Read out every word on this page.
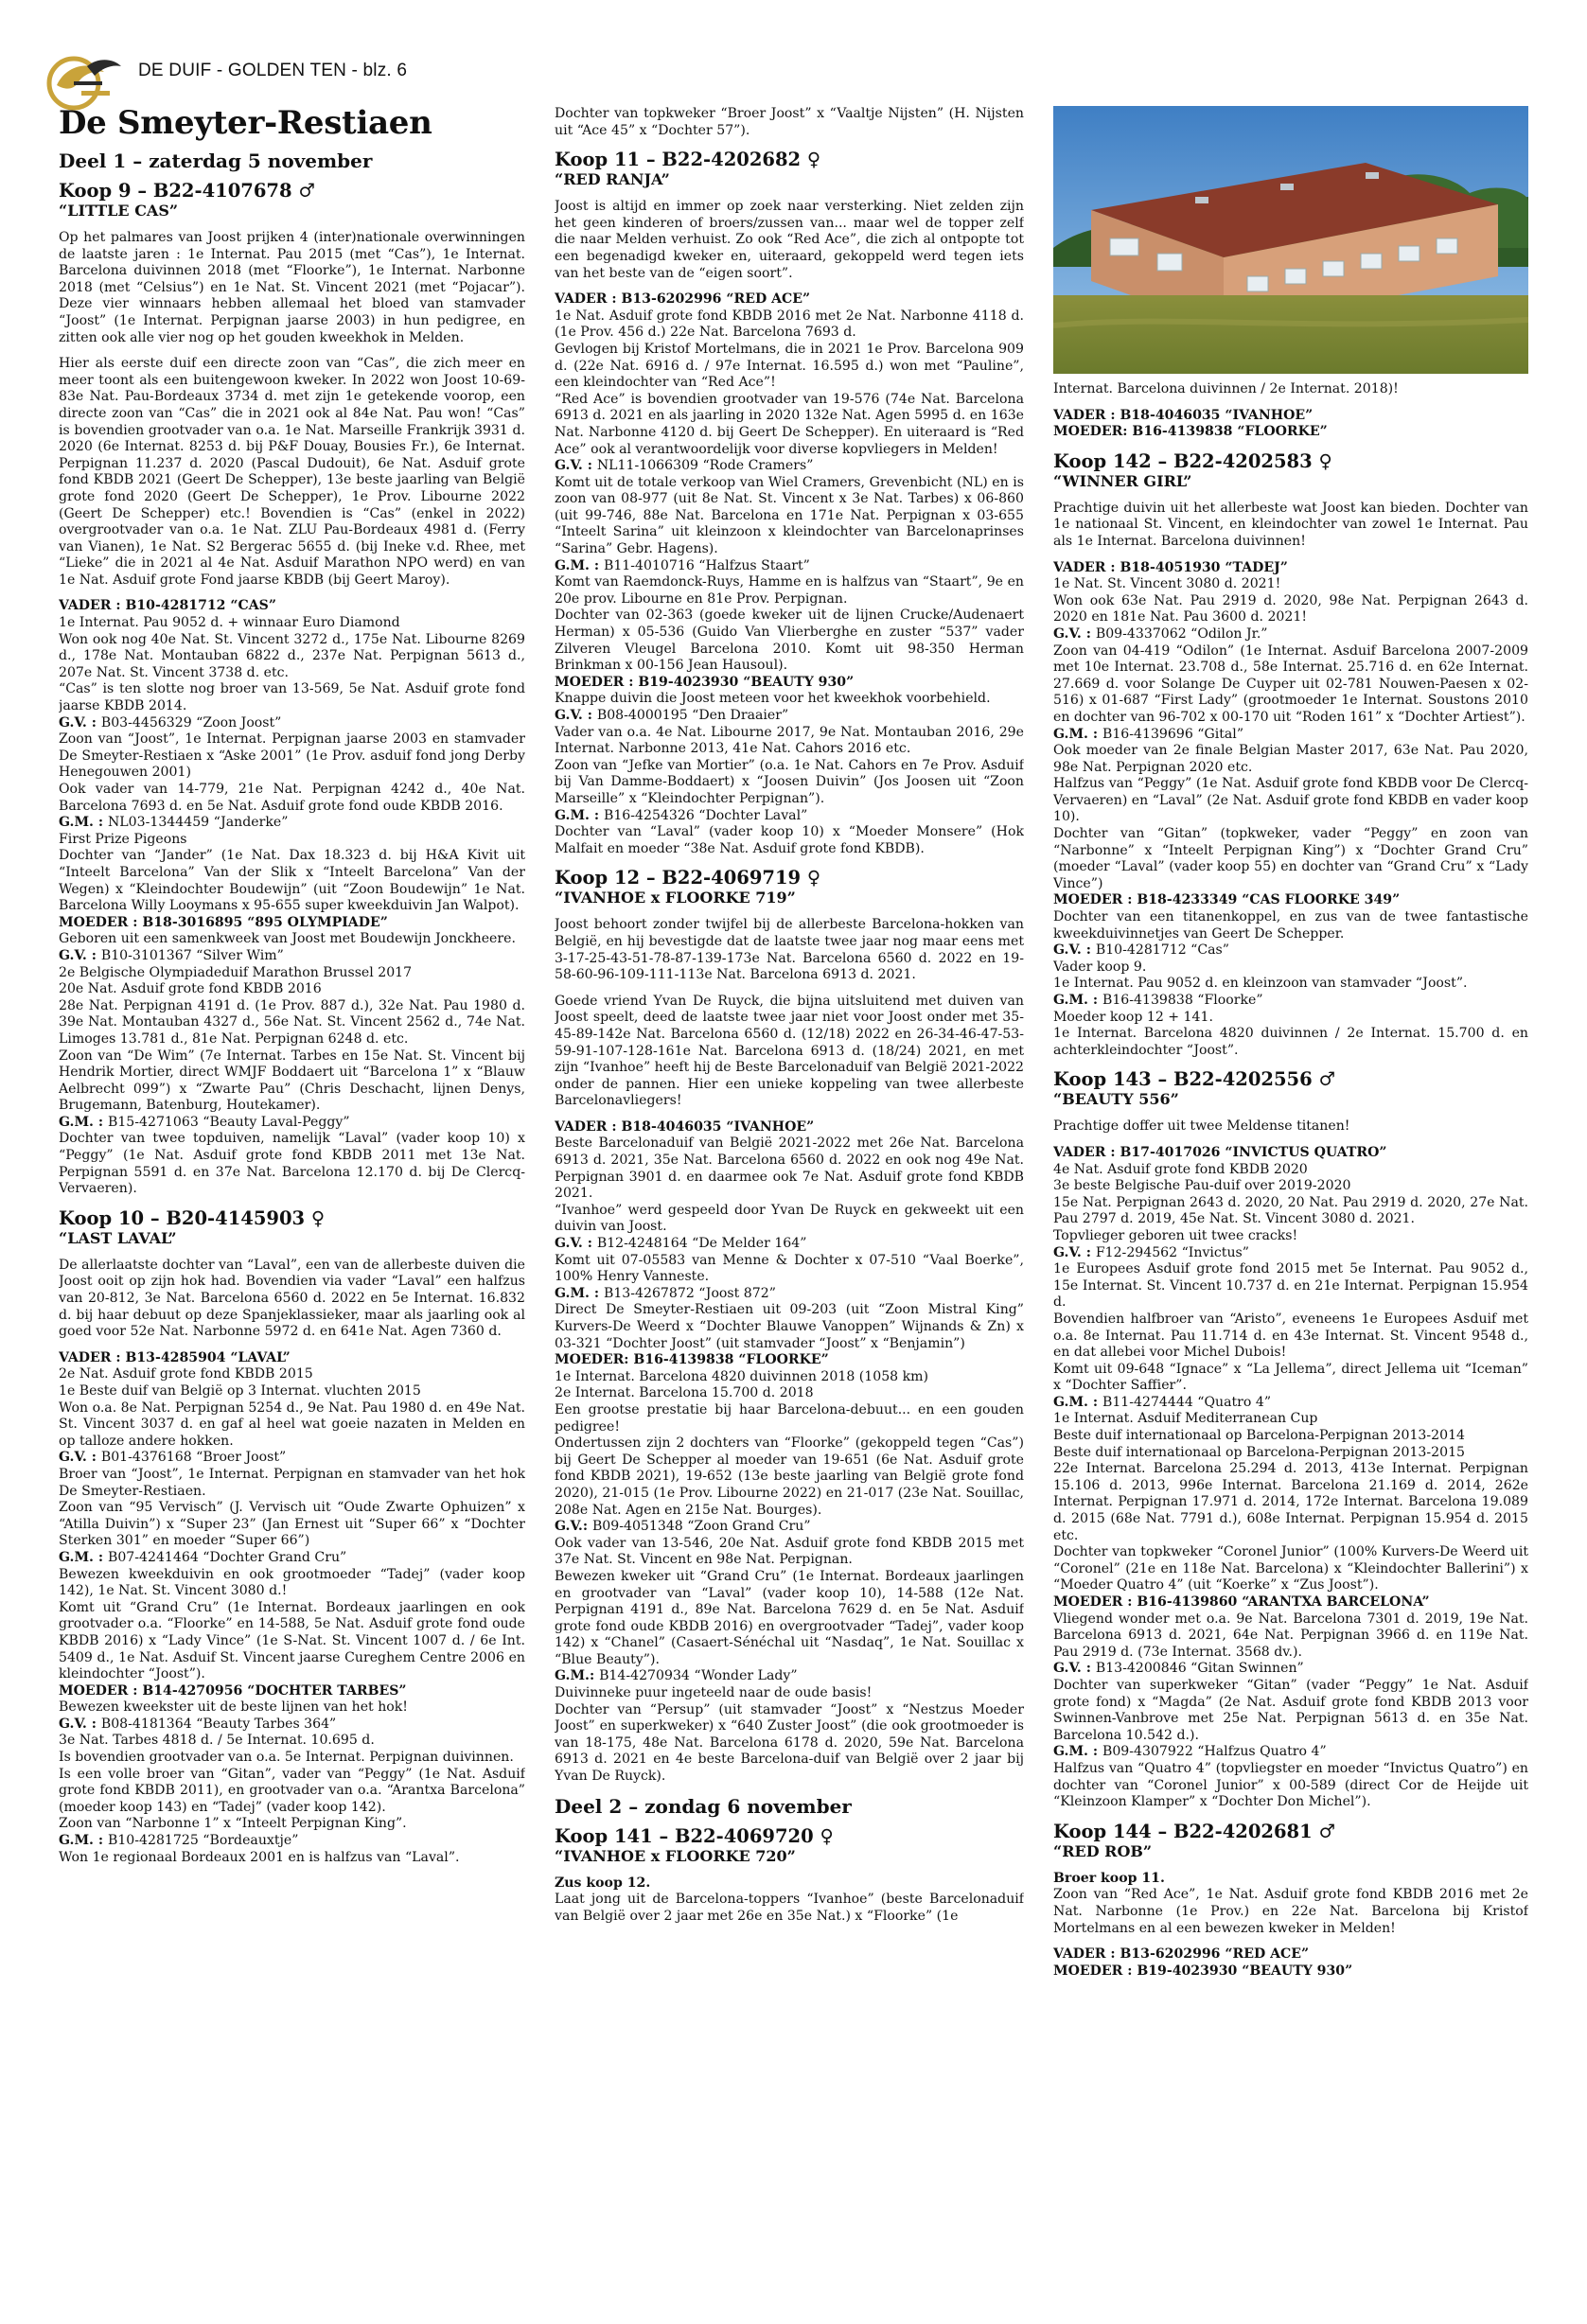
DE DUIF - GOLDEN TEN - blz. 6
De Smeyter-Restiaen
Deel 1 – zaterdag 5 november
Koop 9 – B22-4107678 ♂
“LITTLE CAS”

Op het palmares van Joost prijken 4 (inter)nationale overwinningen de laatste jaren : 1e Internat. Pau 2015 (met “Cas”), 1e Internat. Barcelona duivinnen 2018 (met “Floorke”), 1e Internat. Narbonne 2018 (met “Celsius”) en 1e Nat. St. Vincent 2021 (met “Pojacar”). Deze vier winnaars hebben allemaal het bloed van stamvader “Joost” (1e Internat. Perpignan jaarse 2003) in hun pedigree, en zitten ook alle vier nog op het gouden kweekhok in Melden.

Hier als eerste duif een directe zoon van “Cas”, die zich meer en meer toont als een buitengewoon kweker. In 2022 won Joost 10-69-83e Nat. Pau-Bordeaux 3734 d. met zijn 1e getekende voorop, een directe zoon van “Cas” die in 2021 ook al 84e Nat. Pau won! “Cas” is bovendien grootvader van o.a. 1e Nat. Marseille Frankrijk 3931 d. 2020 (6e Internat. 8253 d. bij P&F Douay, Bousies Fr.), 6e Internat. Perpignan 11.237 d. 2020 (Pascal Dudouit), 6e Nat. Asduif grote fond KBDB 2021 (Geert De Schepper), 13e beste jaarling van België grote fond 2020 (Geert De Schepper), 1e Prov. Libourne 2022 (Geert De Schepper) etc.! Bovendien is “Cas” (enkel in 2022) overgrootvader van o.a. 1e Nat. ZLU Pau-Bordeaux 4981 d. (Ferry van Vianen), 1e Nat. S2 Bergerac 5655 d. (bij Ineke v.d. Rhee, met “Lieke” die in 2021 al 4e Nat. Asduif Marathon NPO werd) en van 1e Nat. Asduif grote Fond jaarse KBDB (bij Geert Maroy).

VADER : B10-4281712 “CAS”
1e Internat. Pau 9052 d. + winnaar Euro Diamond
Won ook nog 40e Nat. St. Vincent 3272 d., 175e Nat. Libourne 8269 d., 178e Nat. Montauban 6822 d., 237e Nat. Perpignan 5613 d., 207e Nat. St. Vincent 3738 d. etc.
“Cas” is ten slotte nog broer van 13-569, 5e Nat. Asduif grote fond jaarse KBDB 2014.
G.V. : B03-4456329 “Zoon Joost”
Zoon van “Joost”, 1e Internat. Perpignan jaarse 2003 en stamvader De Smeyter-Restiaen x “Aske 2001” (1e Prov. asduif fond jong Derby Henegouwen 2001)
Ook vader van 14-779, 21e Nat. Perpignan 4242 d., 40e Nat. Barcelona 7693 d. en 5e Nat. Asduif grote fond oude KBDB 2016.
G.M. : NL03-1344459 “Janderke”
First Prize Pigeons
Dochter van “Jander” (1e Nat. Dax 18.323 d. bij H&A Kivit uit “Inteelt Barcelona” Van der Slik x “Inteelt Barcelona” Van der Wegen) x “Kleindochter Boudewijn” (uit “Zoon Boudewijn” 1e Nat. Barcelona Willy Looymans x 95-655 super kweekduivin Jan Walpot).
MOEDER : B18-3016895 “895 OLYMPIADE”
Geboren uit een samenkweek van Joost met Boudewijn Jonckheere.
G.V. : B10-3101367 “Silver Wim”
2e Belgische Olympiadeduif Marathon Brussel 2017
20e Nat. Asduif grote fond KBDB 2016
28e Nat. Perpignan 4191 d. (1e Prov. 887 d.), 32e Nat. Pau 1980 d. 39e Nat. Montauban 4327 d., 56e Nat. St. Vincent 2562 d., 74e Nat. Limoges 13.781 d., 81e Nat. Perpignan 6248 d. etc.
Zoon van “De Wim” (7e Internat. Tarbes en 15e Nat. St. Vincent bij Hendrik Mortier, direct WMJF Boddaert uit “Barcelona 1” x “Blauw Aelbrecht 099”) x “Zwarte Pau” (Chris Deschacht, lijnen Denys, Brugemann, Batenburg, Houtekamer).
G.M. : B15-4271063 “Beauty Laval-Peggy”
Dochter van twee topduiven, namelijk “Laval” (vader koop 10) x “Peggy” (1e Nat. Asduif grote fond KBDB 2011 met 13e Nat. Perpignan 5591 d. en 37e Nat. Barcelona 12.170 d. bij De Clercq-Vervaeren).
Koop 10 – B20-4145903 ♀
“LAST LAVAL”

De allerlaatste dochter van “Laval”, een van de allerbeste duiven die Joost ooit op zijn hok had. Bovendien via vader “Laval” een halfzus van 20-812, 3e Nat. Barcelona 6560 d. 2022 en 5e Internat. 16.832 d. bij haar debuut op deze Spanjeklassieker, maar als jaarling ook al goed voor 52e Nat. Narbonne 5972 d. en 641e Nat. Agen 7360 d.

VADER : B13-4285904 “LAVAL”
2e Nat. Asduif grote fond KBDB 2015
1e Beste duif van België op 3 Internat. vluchten 2015
Won o.a. 8e Nat. Perpignan 5254 d., 9e Nat. Pau 1980 d. en 49e Nat. St. Vincent 3037 d. en gaf al heel wat goeie nazaten in Melden en op talloze andere hokken.
G.V. : B01-4376168 “Broer Joost”
Broer van “Joost”, 1e Internat. Perpignan en stamvader van het hok De Smeyter-Restiaen.
Zoon van “95 Vervisch” (J. Vervisch uit “Oude Zwarte Ophuizen” x “Atilla Duivin”) x “Super 23” (Jan Ernest uit “Super 66” x “Dochter Sterken 301” en moeder “Super 66”)
G.M. : B07-4241464 “Dochter Grand Cru”
Bewezen kweekduivin en ook grootmoeder “Tadej” (vader koop 142), 1e Nat. St. Vincent 3080 d.!
Komt uit “Grand Cru” (1e Internat. Bordeaux jaarlingen en ook grootvader o.a. “Floorke” en 14-588, 5e Nat. Asduif grote fond oude KBDB 2016) x “Lady Vince” (1e S-Nat. St. Vincent 1007 d. / 6e Int. 5409 d., 1e Nat. Asduif St. Vincent jaarse Cureghem Centre 2006 en kleindochter “Joost”).
MOEDER : B14-4270956 “DOCHTER TARBES”
Bewezen kweekster uit de beste lijnen van het hok!
G.V. : B08-4181364 “Beauty Tarbes 364”
3e Nat. Tarbes 4818 d. / 5e Internat. 10.695 d.
Is bovendien grootvader van o.a. 5e Internat. Perpignan duivinnen.
Is een volle broer van “Gitan”, vader van “Peggy” (1e Nat. Asduif grote fond KBDB 2011), en grootvader van o.a. “Arantxa Barcelona” (moeder koop 143) en “Tadej” (vader koop 142).
Zoon van “Narbonne 1” x “Inteelt Perpignan King”.
G.M. : B10-4281725 “Bordeauxtje”
Won 1e regionaal Bordeaux 2001 en is halfzus van “Laval”.

Dochter van topkweker “Broer Joost” x “Vaaltje Nijsten” (H. Nijsten uit “Ace 45” x “Dochter 57”).

Koop 11 – B22-4202682 ♀
“RED RANJA”

Joost is altijd en immer op zoek naar versterking. Niet zelden zijn het geen kinderen of broers/zussen van... maar wel de topper zelf die naar Melden verhuist. Zo ook “Red Ace”, die zich al ontpopte tot een begenadigd kweker en, uiteraard, gekoppeld werd tegen iets van het beste van de “eigen soort”.

VADER : B13-6202996 “RED ACE”
1e Nat. Asduif grote fond KBDB 2016 met 2e Nat. Narbonne 4118 d. (1e Prov. 456 d.) 22e Nat. Barcelona 7693 d.
Gevlogen bij Kristof Mortelmans, die in 2021 1e Prov. Barcelona 909 d. (22e Nat. 6916 d. / 97e Internat. 16.595 d.) won met “Pauline”, een kleindochter van “Red Ace”!
“Red Ace” is bovendien grootvader van 19-576 (74e Nat. Barcelona 6913 d. 2021 en als jaarling in 2020 132e Nat. Agen 5995 d. en 163e Nat. Narbonne 4120 d. bij Geert De Schepper). En uiteraard is “Red Ace” ook al verantwoordelijk voor diverse kopvliegers in Melden!
G.V. : NL11-1066309 “Rode Cramers”
Komt uit de totale verkoop van Wiel Cramers, Grevenbicht (NL) en is zoon van 08-977 (uit 8e Nat. St. Vincent x 3e Nat. Tarbes) x 06-860 (uit 99-746, 88e Nat. Barcelona en 171e Nat. Perpignan x 03-655 “Inteelt Sarina” uit kleinzoon x kleindochter van Barcelonaprinses “Sarina” Gebr. Hagens).
G.M. : B11-4010716 “Halfzus Staart”
Komt van Raemdonck-Ruys, Hamme en is halfzus van “Staart”, 9e en 20e prov. Libourne en 81e Prov. Perpignan.
Dochter van 02-363 (goede kweker uit de lijnen Crucke/Audenaert Herman) x 05-536 (Guido Van Vlierberghe en zuster “537” vader Zilveren Vleugel Barcelona 2010. Komt uit 98-350 Herman Brinkman x 00-156 Jean Hausoul).
MOEDER : B19-4023930 “BEAUTY 930”
Knappe duivin die Joost meteen voor het kweekhok voorbehield.
G.V. : B08-4000195 “Den Draaier”
Vader van o.a. 4e Nat. Libourne 2017, 9e Nat. Montauban 2016, 29e Internat. Narbonne 2013, 41e Nat. Cahors 2016 etc.
Zoon van “Jefke van Mortier” (o.a. 1e Nat. Cahors en 7e Prov. Asduif bij Van Damme-Boddaert) x “Joosen Duivin” (Jos Joosen uit “Zoon Marseille” x “Kleindochter Perpignan”).
G.M. : B16-4254326 “Dochter Laval”
Dochter van “Laval” (vader koop 10) x “Moeder Monsere” (Hok Malfait en moeder “38e Nat. Asduif grote fond KBDB).
Koop 12 – B22-4069719 ♀
“IVANHOE x FLOORKE 719”

Joost behoort zonder twijfel bij de allerbeste Barcelona-hokken van België, en hij bevestigde dat de laatste twee jaar nog maar eens met 3-17-25-43-51-78-87-139-173e Nat. Barcelona 6560 d. 2022 en 19-58-60-96-109-111-113e Nat. Barcelona 6913 d. 2021.

Goede vriend Yvan De Ruyck, die bijna uitsluitend met duiven van Joost speelt, deed de laatste twee jaar niet voor Joost onder met 35-45-89-142e Nat. Barcelona 6560 d. (12/18) 2022 en 26-34-46-47-53-59-91-107-128-161e Nat. Barcelona 6913 d. (18/24) 2021, en met zijn “Ivanhoe” heeft hij de Beste Barcelonaduif van België 2021-2022 onder de pannen. Hier een unieke koppeling van twee allerbeste Barcelonavliegers!

VADER : B18-4046035 “IVANHOE”
Beste Barcelonaduif van België 2021-2022 met 26e Nat. Barcelona 6913 d. 2021, 35e Nat. Barcelona 6560 d. 2022 en ook nog 49e Nat. Perpignan 3901 d. en daarmee ook 7e Nat. Asduif grote fond KBDB 2021.
“Ivanhoe” werd gespeeld door Yvan De Ruyck en gekweekt uit een duivin van Joost.
G.V. : B12-4248164 “De Melder 164”
Komt uit 07-05583 van Menne & Dochter x 07-510 “Vaal Boerke”, 100% Henry Vanneste.
G.M. : B13-4267872 “Joost 872”
Direct De Smeyter-Restiaen uit 09-203 (uit “Zoon Mistral King” Kurvers-De Weerd x “Dochter Blauwe Vanoppen” Wijnands & Zn) x 03-321 “Dochter Joost” (uit stamvader “Joost” x “Benjamin”)
MOEDER: B16-4139838 “FLOORKE”
1e Internat. Barcelona 4820 duivinnen 2018 (1058 km)
2e Internat. Barcelona 15.700 d. 2018
Een grootse prestatie bij haar Barcelona-debuut... en een gouden pedigree!
Ondertussen zijn 2 dochters van “Floorke” (gekoppeld tegen “Cas”) bij Geert De Schepper al moeder van 19-651 (6e Nat. Asduif grote fond KBDB 2021), 19-652 (13e beste jaarling van België grote fond 2020), 21-015 (1e Prov. Libourne 2022) en 21-017 (23e Nat. Souillac, 208e Nat. Agen en 215e Nat. Bourges).
G.V.: B09-4051348 “Zoon Grand Cru”
Ook vader van 13-546, 20e Nat. Asduif grote fond KBDB 2015 met 37e Nat. St. Vincent en 98e Nat. Perpignan.
Bewezen kweker uit “Grand Cru” (1e Internat. Bordeaux jaarlingen en grootvader van “Laval” (vader koop 10), 14-588 (12e Nat. Perpignan 4191 d., 89e Nat. Barcelona 7629 d. en 5e Nat. Asduif grote fond oude KBDB 2016) en overgrootvader “Tadej”, vader koop 142) x “Chanel” (Casaert-Sénéchal uit “Nasdaq”, 1e Nat. Souillac x “Blue Beauty”).
G.M.: B14-4270934 “Wonder Lady”
Duivinneke puur ingeteeld naar de oude basis!
Dochter van “Persup” (uit stamvader “Joost” x “Nestzus Moeder Joost” en superkweker) x “640 Zuster Joost” (die ook grootmoeder is van 18-175, 48e Nat. Barcelona 6178 d. 2020, 59e Nat. Barcelona 6913 d. 2021 en 4e beste Barcelona-duif van België over 2 jaar bij Yvan De Ruyck).
Deel 2 – zondag 6 november
Koop 141 – B22-4069720 ♀
“IVANHOE x FLOORKE 720”
Zus koop 12.
Laat jong uit de Barcelona-toppers “Ivanhoe” (beste Barcelonaduif van België over 2 jaar met 26e en 35e Nat.) x “Floorke” (1e

Internat. Barcelona duivinnen / 2e Internat. 2018)!

VADER : B18-4046035 “IVANHOE”
MOEDER: B16-4139838 “FLOORKE”
Koop 142 – B22-4202583 ♀
“WINNER GIRL”

Prachtige duivin uit het allerbeste wat Joost kan bieden. Dochter van 1e nationaal St. Vincent, en kleindochter van zowel 1e Internat. Pau als 1e Internat. Barcelona duivinnen!

VADER : B18-4051930 “TADEJ”
1e Nat. St. Vincent 3080 d. 2021!
Won ook 63e Nat. Pau 2919 d. 2020, 98e Nat. Perpignan 2643 d. 2020 en 181e Nat. Pau 3600 d. 2021!
G.V. : B09-4337062 “Odilon Jr.”
Zoon van 04-419 “Odilon” (1e Internat. Asduif Barcelona 2007-2009 met 10e Internat. 23.708 d., 58e Internat. 25.716 d. en 62e Internat. 27.669 d. voor Solange De Cuyper uit 02-781 Nouwen-Paesen x 02-516) x 01-687 “First Lady” (grootmoeder 1e Internat. Soustons 2010 en dochter van 96-702 x 00-170 uit “Roden 161” x “Dochter Artiest”).
G.M. : B16-4139696 “Gital”
Ook moeder van 2e finale Belgian Master 2017, 63e Nat. Pau 2020, 98e Nat. Perpignan 2020 etc.
Halfzus van “Peggy” (1e Nat. Asduif grote fond KBDB voor De Clercq-Vervaeren) en “Laval” (2e Nat. Asduif grote fond KBDB en vader koop 10).
Dochter van “Gitan” (topkweker, vader “Peggy” en zoon van “Narbonne” x “Inteelt Perpignan King”) x “Dochter Grand Cru” (moeder “Laval” (vader koop 55) en dochter van “Grand Cru” x “Lady Vince”)
MOEDER : B18-4233349 “CAS FLOORKE 349”
Dochter van een titanenkoppel, en zus van de twee fantastische kweekduivinnetjes van Geert De Schepper.
G.V. : B10-4281712 “Cas”
Vader koop 9.
1e Internat. Pau 9052 d. en kleinzoon van stamvader “Joost”.
G.M. : B16-4139838 “Floorke”
Moeder koop 12 + 141.
1e Internat. Barcelona 4820 duivinnen / 2e Internat. 15.700 d. en achterkleindochter “Joost”.
Koop 143 – B22-4202556 ♂
“BEAUTY 556”

Prachtige doffer uit twee Meldense titanen!

VADER : B17-4017026 “INVICTUS QUATRO”
4e Nat. Asduif grote fond KBDB 2020
3e beste Belgische Pau-duif over 2019-2020
15e Nat. Perpignan 2643 d. 2020, 20 Nat. Pau 2919 d. 2020, 27e Nat. Pau 2797 d. 2019, 45e Nat. St. Vincent 3080 d. 2021.
Topvlieger geboren uit twee cracks!
G.V. : F12-294562 “Invictus”
1e Europees Asduif grote fond 2015 met 5e Internat. Pau 9052 d., 15e Internat. St. Vincent 10.737 d. en 21e Internat. Perpignan 15.954 d.
Bovendien halfbroer van “Aristo”, eveneens 1e Europees Asduif met o.a. 8e Internat. Pau 11.714 d. en 43e Internat. St. Vincent 9548 d., en dat allebei voor Michel Dubois!
Komt uit 09-648 “Ignace” x “La Jellema”, direct Jellema uit “Iceman” x “Dochter Saffier”.
G.M. : B11-4274444 “Quatro 4”
1e Internat. Asduif Mediterranean Cup
Beste duif internationaal op Barcelona-Perpignan 2013-2014
Beste duif internationaal op Barcelona-Perpignan 2013-2015
22e Internat. Barcelona 25.294 d. 2013, 413e Internat. Perpignan 15.106 d. 2013, 996e Internat. Barcelona 21.169 d. 2014, 262e Internat. Perpignan 17.971 d. 2014, 172e Internat. Barcelona 19.089 d. 2015 (68e Nat. 7791 d.), 608e Internat. Perpignan 15.954 d. 2015 etc.
Dochter van topkweker “Coronel Junior” (100% Kurvers-De Weerd uit “Coronel” (21e en 118e Nat. Barcelona) x “Kleindochter Ballerini”) x “Moeder Quatro 4” (uit “Koerke” x “Zus Joost”).
MOEDER : B16-4139860 “ARANTXA BARCELONA”
Vliegend wonder met o.a. 9e Nat. Barcelona 7301 d. 2019, 19e Nat. Barcelona 6913 d. 2021, 64e Nat. Perpignan 3966 d. en 119e Nat. Pau 2919 d. (73e Internat. 3568 dv.).
G.V. : B13-4200846 “Gitan Swinnen”
Dochter van superkweker “Gitan” (vader “Peggy” 1e Nat. Asduif grote fond) x “Magda” (2e Nat. Asduif grote fond KBDB 2013 voor Swinnen-Vanbrove met 25e Nat. Perpignan 5613 d. en 35e Nat. Barcelona 10.542 d.).
G.M. : B09-4307922 “Halfzus Quatro 4”
Halfzus van “Quatro 4” (topvliegster en moeder “Invictus Quatro”) en dochter van “Coronel Junior” x 00-589 (direct Cor de Heijde uit “Kleinzoon Klamper” x “Dochter Don Michel”).
Koop 144 – B22-4202681 ♂
“RED ROB”
Broer koop 11.
Zoon van “Red Ace”, 1e Nat. Asduif grote fond KBDB 2016 met 2e Nat. Narbonne (1e Prov.) en 22e Nat. Barcelona bij Kristof Mortelmans en al een bewezen kweker in Melden!
VADER : B13-6202996 “RED ACE”
MOEDER : B19-4023930 “BEAUTY 930”
